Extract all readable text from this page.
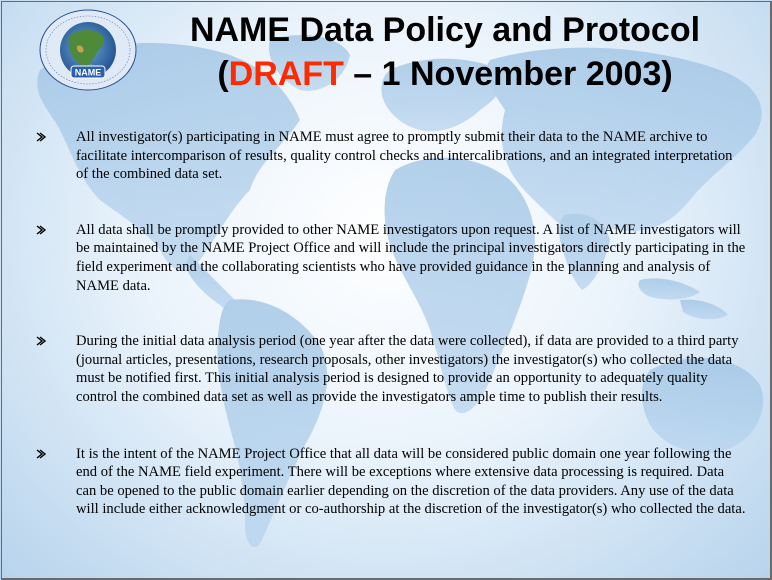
NAME
NAME Data Policy and Protocol
(DRAFT – 1 November 2003)
All investigator(s) participating in NAME must agree to promptly submit their data to the NAME archive to facilitate intercomparison of results, quality control checks and intercalibrations, and an integrated interpretation of the combined data set.
All data shall be promptly provided to other NAME investigators upon request. A list of NAME investigators will be maintained by the NAME Project Office and will include the principal investigators directly participating in the field experiment and the collaborating scientists who have provided guidance in the planning and analysis of NAME data.
During the initial data analysis period (one year after the data were collected), if data are provided to a third party (journal articles, presentations, research proposals, other investigators) the investigator(s) who collected the data must be notified first. This initial analysis period is designed to provide an opportunity to adequately quality control the combined data set as well as provide the investigators ample time to publish their results.
It is the intent of the NAME Project Office that all data will be considered public domain one year following the end of the NAME field experiment. There will be exceptions where extensive data processing is required. Data can be opened to the public domain earlier depending on the discretion of the data providers. Any use of the data will include either acknowledgment or co-authorship at the discretion of the investigator(s) who collected the data.
